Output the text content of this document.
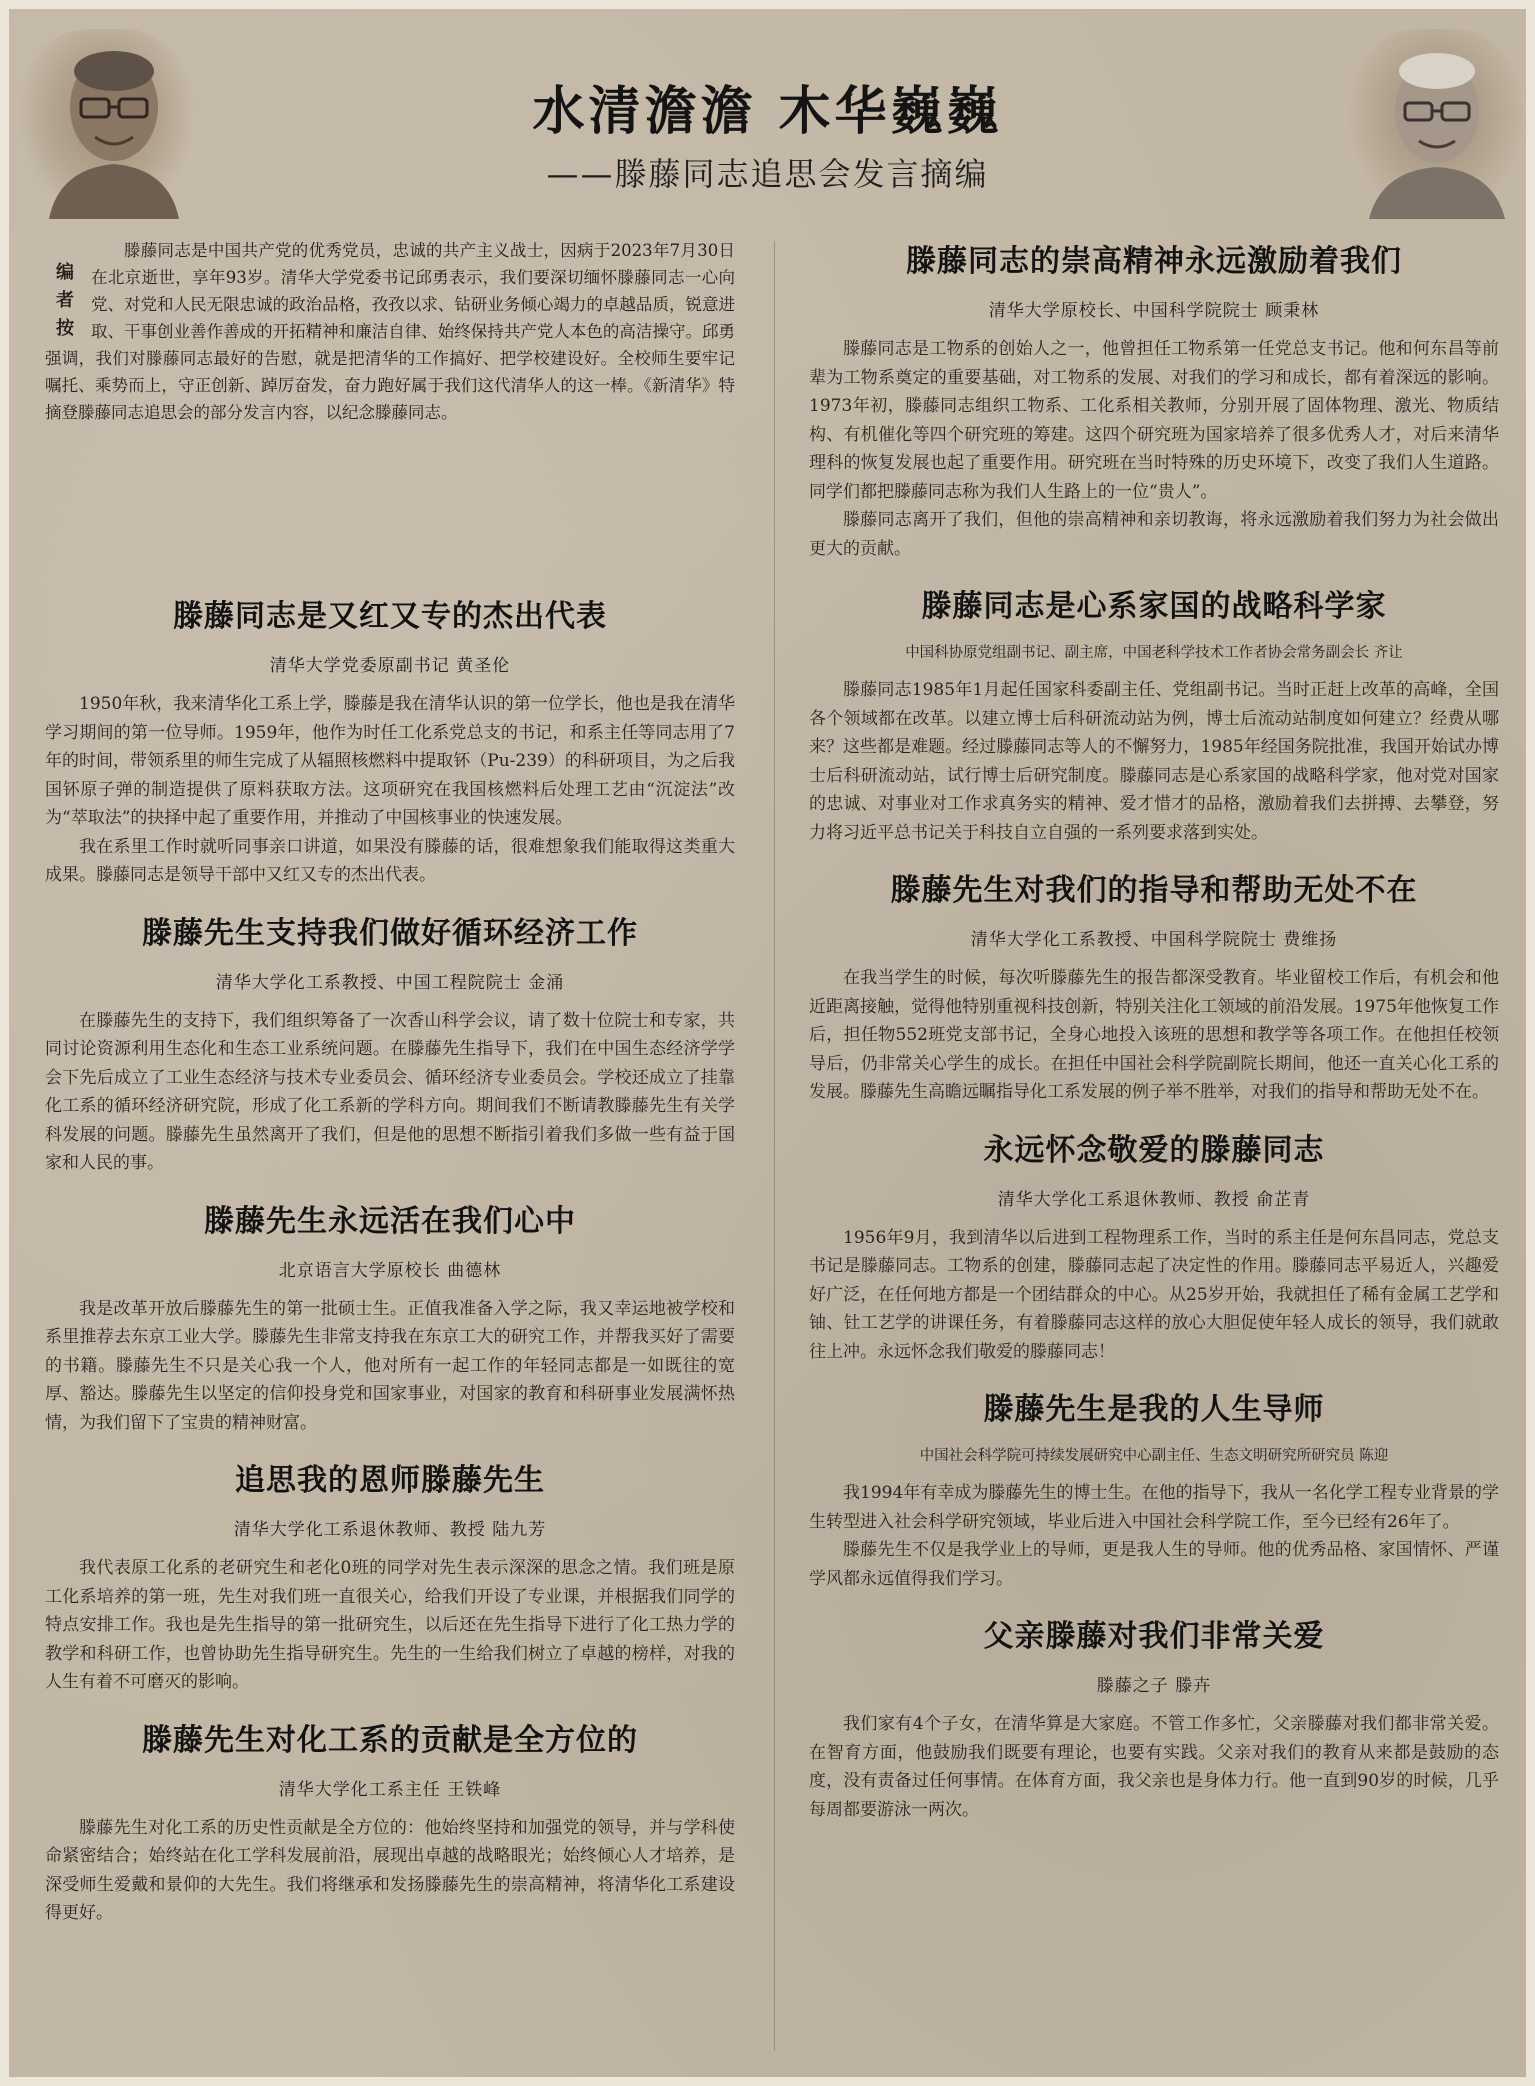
水清澹澹 木华巍巍
——滕藤同志追思会发言摘编
编
者
按
滕藤同志是中国共产党的优秀党员，忠诚的共产主义战士，因病于2023年7月30日在北京逝世，享年93岁。清华大学党委书记邱勇表示，我们要深切缅怀滕藤同志一心向党、对党和人民无限忠诚的政治品格，孜孜以求、钻研业务倾心竭力的卓越品质，锐意进取、干事创业善作善成的开拓精神和廉洁自律、始终保持共产党人本色的高洁操守。邱勇强调，我们对滕藤同志最好的告慰，就是把清华的工作搞好、把学校建设好。全校师生要牢记嘱托、乘势而上，守正创新、踔厉奋发，奋力跑好属于我们这代清华人的这一棒。《新清华》特摘登滕藤同志追思会的部分发言内容，以纪念滕藤同志。
滕藤同志是又红又专的杰出代表
清华大学党委原副书记 黄圣伦

1950年秋，我来清华化工系上学，滕藤是我在清华认识的第一位学长，他也是我在清华学习期间的第一位导师。1959年，他作为时任工化系党总支的书记，和系主任等同志用了7年的时间，带领系里的师生完成了从辐照核燃料中提取钚（Pu-239）的科研项目，为之后我国钚原子弹的制造提供了原料获取方法。这项研究在我国核燃料后处理工艺由“沉淀法”改为“萃取法”的抉择中起了重要作用，并推动了中国核事业的快速发展。

我在系里工作时就听同事亲口讲道，如果没有滕藤的话，很难想象我们能取得这类重大成果。滕藤同志是领导干部中又红又专的杰出代表。

滕藤先生支持我们做好循环经济工作
清华大学化工系教授、中国工程院院士 金涌

在滕藤先生的支持下，我们组织筹备了一次香山科学会议，请了数十位院士和专家，共同讨论资源利用生态化和生态工业系统问题。在滕藤先生指导下，我们在中国生态经济学学会下先后成立了工业生态经济与技术专业委员会、循环经济专业委员会。学校还成立了挂靠化工系的循环经济研究院，形成了化工系新的学科方向。期间我们不断请教滕藤先生有关学科发展的问题。滕藤先生虽然离开了我们，但是他的思想不断指引着我们多做一些有益于国家和人民的事。

滕藤先生永远活在我们心中
北京语言大学原校长 曲德林

我是改革开放后滕藤先生的第一批硕士生。正值我准备入学之际，我又幸运地被学校和系里推荐去东京工业大学。滕藤先生非常支持我在东京工大的研究工作，并帮我买好了需要的书籍。滕藤先生不只是关心我一个人，他对所有一起工作的年轻同志都是一如既往的宽厚、豁达。滕藤先生以坚定的信仰投身党和国家事业，对国家的教育和科研事业发展满怀热情，为我们留下了宝贵的精神财富。

追思我的恩师滕藤先生
清华大学化工系退休教师、教授 陆九芳

我代表原工化系的老研究生和老化0班的同学对先生表示深深的思念之情。我们班是原工化系培养的第一班，先生对我们班一直很关心，给我们开设了专业课，并根据我们同学的特点安排工作。我也是先生指导的第一批研究生，以后还在先生指导下进行了化工热力学的教学和科研工作，也曾协助先生指导研究生。先生的一生给我们树立了卓越的榜样，对我的人生有着不可磨灭的影响。

滕藤先生对化工系的贡献是全方位的
清华大学化工系主任 王铁峰

滕藤先生对化工系的历史性贡献是全方位的：他始终坚持和加强党的领导，并与学科使命紧密结合；始终站在化工学科发展前沿，展现出卓越的战略眼光；始终倾心人才培养，是深受师生爱戴和景仰的大先生。我们将继承和发扬滕藤先生的崇高精神，将清华化工系建设得更好。

滕藤同志的崇高精神永远激励着我们
清华大学原校长、中国科学院院士 顾秉林

滕藤同志是工物系的创始人之一，他曾担任工物系第一任党总支书记。他和何东昌等前辈为工物系奠定的重要基础，对工物系的发展、对我们的学习和成长，都有着深远的影响。1973年初，滕藤同志组织工物系、工化系相关教师，分别开展了固体物理、激光、物质结构、有机催化等四个研究班的筹建。这四个研究班为国家培养了很多优秀人才，对后来清华理科的恢复发展也起了重要作用。研究班在当时特殊的历史环境下，改变了我们人生道路。同学们都把滕藤同志称为我们人生路上的一位“贵人”。

滕藤同志离开了我们，但他的崇高精神和亲切教诲，将永远激励着我们努力为社会做出更大的贡献。

滕藤同志是心系家国的战略科学家
中国科协原党组副书记、副主席，中国老科学技术工作者协会常务副会长 齐让

滕藤同志1985年1月起任国家科委副主任、党组副书记。当时正赶上改革的高峰，全国各个领域都在改革。以建立博士后科研流动站为例，博士后流动站制度如何建立？经费从哪来？这些都是难题。经过滕藤同志等人的不懈努力，1985年经国务院批准，我国开始试办博士后科研流动站，试行博士后研究制度。滕藤同志是心系家国的战略科学家，他对党对国家的忠诚、对事业对工作求真务实的精神、爱才惜才的品格，激励着我们去拼搏、去攀登，努力将习近平总书记关于科技自立自强的一系列要求落到实处。

滕藤先生对我们的指导和帮助无处不在
清华大学化工系教授、中国科学院院士 费维扬

在我当学生的时候，每次听滕藤先生的报告都深受教育。毕业留校工作后，有机会和他近距离接触，觉得他特别重视科技创新，特别关注化工领域的前沿发展。1975年他恢复工作后，担任物552班党支部书记，全身心地投入该班的思想和教学等各项工作。在他担任校领导后，仍非常关心学生的成长。在担任中国社会科学院副院长期间，他还一直关心化工系的发展。滕藤先生高瞻远瞩指导化工系发展的例子举不胜举，对我们的指导和帮助无处不在。

永远怀念敬爱的滕藤同志
清华大学化工系退休教师、教授 俞芷青

1956年9月，我到清华以后进到工程物理系工作，当时的系主任是何东昌同志，党总支书记是滕藤同志。工物系的创建，滕藤同志起了决定性的作用。滕藤同志平易近人，兴趣爱好广泛，在任何地方都是一个团结群众的中心。从25岁开始，我就担任了稀有金属工艺学和铀、钍工艺学的讲课任务，有着滕藤同志这样的放心大胆促使年轻人成长的领导，我们就敢往上冲。永远怀念我们敬爱的滕藤同志！

滕藤先生是我的人生导师
中国社会科学院可持续发展研究中心副主任、生态文明研究所研究员 陈迎

我1994年有幸成为滕藤先生的博士生。在他的指导下，我从一名化学工程专业背景的学生转型进入社会科学研究领域，毕业后进入中国社会科学院工作，至今已经有26年了。

滕藤先生不仅是我学业上的导师，更是我人生的导师。他的优秀品格、家国情怀、严谨学风都永远值得我们学习。

父亲滕藤对我们非常关爱
滕藤之子 滕卉

我们家有4个子女，在清华算是大家庭。不管工作多忙，父亲滕藤对我们都非常关爱。在智育方面，他鼓励我们既要有理论，也要有实践。父亲对我们的教育从来都是鼓励的态度，没有责备过任何事情。在体育方面，我父亲也是身体力行。他一直到90岁的时候，几乎每周都要游泳一两次。
